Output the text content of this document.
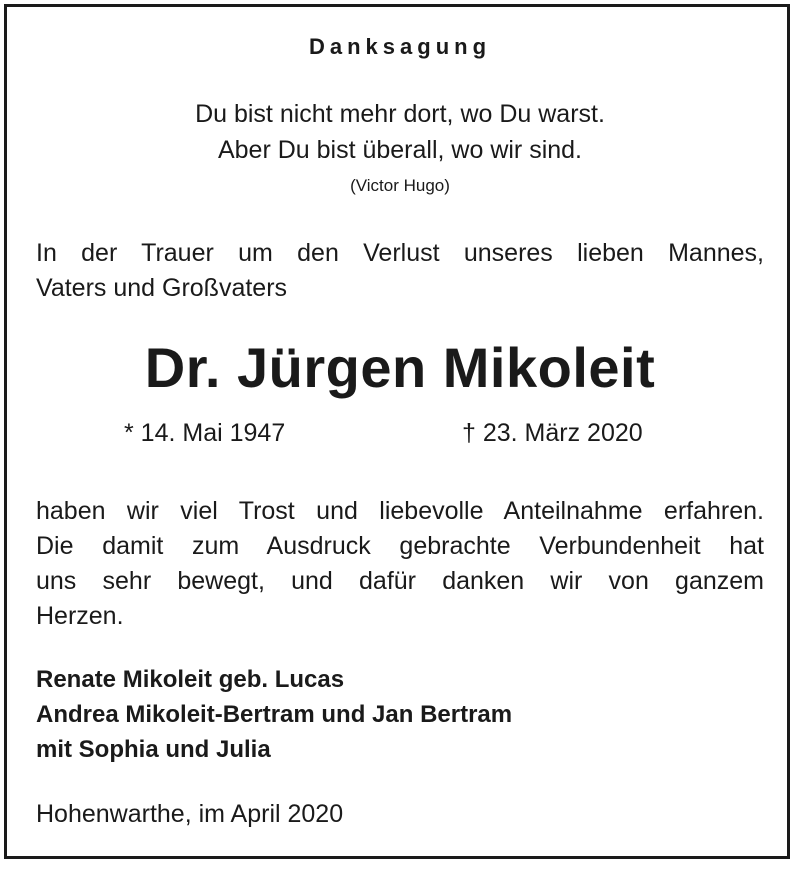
Danksagung
Du bist nicht mehr dort, wo Du warst.
Aber Du bist überall, wo wir sind.
(Victor Hugo)
In der Trauer um den Verlust unseres lieben Mannes,
Vaters und Großvaters
Dr. Jürgen Mikoleit
* 14. Mai 1947	† 23. März 2020
haben wir viel Trost und liebevolle Anteilnahme erfahren.
Die damit zum Ausdruck gebrachte Verbundenheit hat
uns sehr bewegt, und dafür danken wir von ganzem
Herzen.
Renate Mikoleit geb. Lucas
Andrea Mikoleit-Bertram und Jan Bertram
mit Sophia und Julia
Hohenwarthe, im April 2020
